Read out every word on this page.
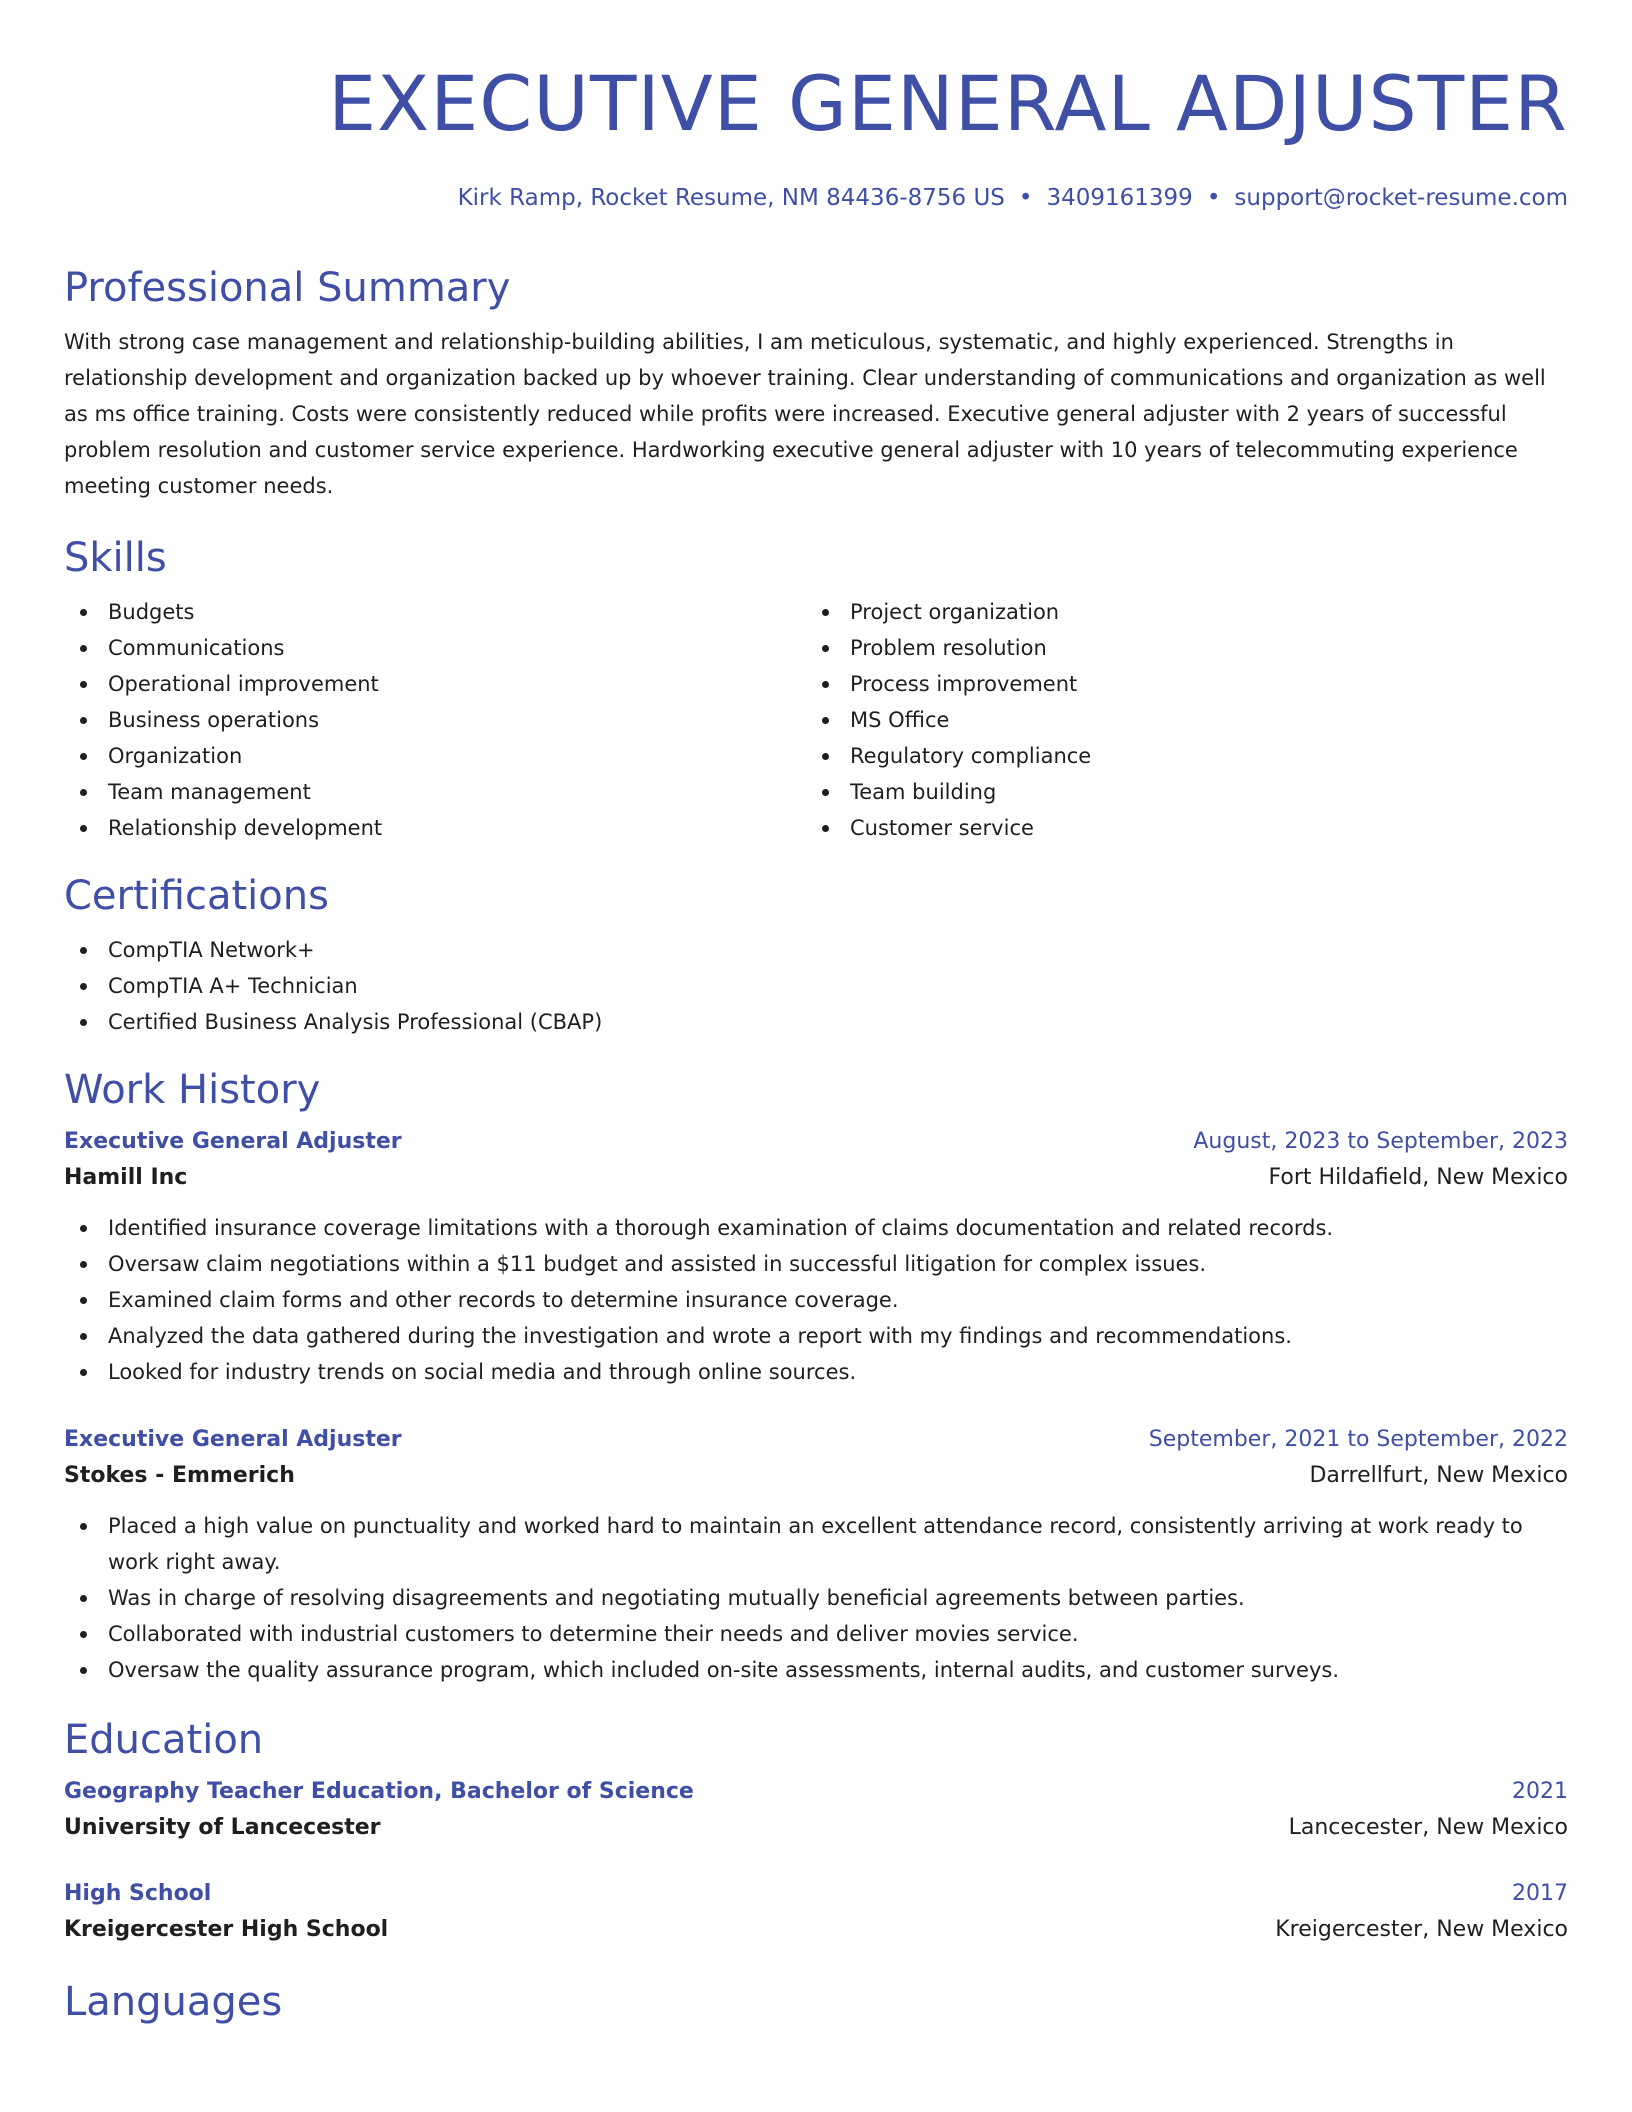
EXECUTIVE GENERAL ADJUSTER
Kirk Ramp, Rocket Resume, NM 84436-8756 US • 3409161399 • support@rocket-resume.com
Professional Summary

With strong case management and relationship-building abilities, I am meticulous, systematic, and highly experienced. Strengths in relationship development and organization backed up by whoever training. Clear understanding of communications and organization as well as ms office training. Costs were consistently reduced while profits were increased. Executive general adjuster with 2 years of successful problem resolution and customer service experience. Hardworking executive general adjuster with 10 years of telecommuting experience meeting customer needs.

Skills
Budgets
Communications
Operational improvement
Business operations
Organization
Team management
Relationship development
Project organization
Problem resolution
Process improvement
MS Office
Regulatory compliance
Team building
Customer service
Certifications
CompTIA Network+
CompTIA A+ Technician
Certified Business Analysis Professional (CBAP)
Work History
Executive General Adjuster	August, 2023 to September, 2023
Hamill Inc	Fort Hildafield, New Mexico
Identified insurance coverage limitations with a thorough examination of claims documentation and related records.
Oversaw claim negotiations within a $11 budget and assisted in successful litigation for complex issues.
Examined claim forms and other records to determine insurance coverage.
Analyzed the data gathered during the investigation and wrote a report with my findings and recommendations.
Looked for industry trends on social media and through online sources.
Executive General Adjuster	September, 2021 to September, 2022
Stokes - Emmerich	Darrellfurt, New Mexico
Placed a high value on punctuality and worked hard to maintain an excellent attendance record, consistently arriving at work ready to work right away.
Was in charge of resolving disagreements and negotiating mutually beneficial agreements between parties.
Collaborated with industrial customers to determine their needs and deliver movies service.
Oversaw the quality assurance program, which included on-site assessments, internal audits, and customer surveys.
Education
Geography Teacher Education, Bachelor of Science	2021
University of Lancecester	Lancecester, New Mexico
High School	2017
Kreigercester High School	Kreigercester, New Mexico
Languages
